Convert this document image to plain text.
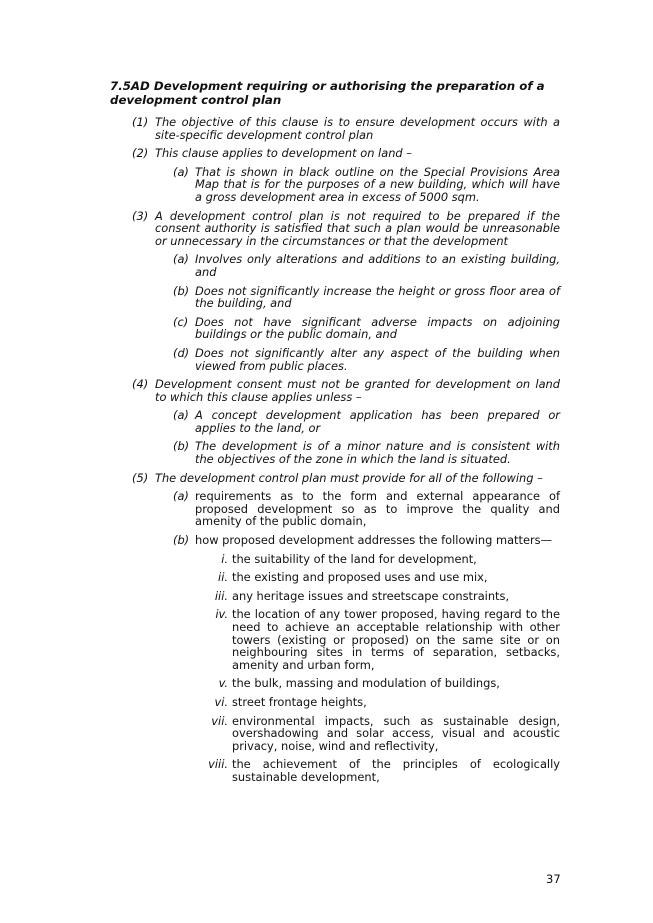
7.5AD Development requiring or authorising the preparation of a development control plan
(1) The objective of this clause is to ensure development occurs with a site-specific development control plan
(2) This clause applies to development on land –
(a) That is shown in black outline on the Special Provisions Area Map that is for the purposes of a new building, which will have a gross development area in excess of 5000 sqm.
(3) A development control plan is not required to be prepared if the consent authority is satisfied that such a plan would be unreasonable or unnecessary in the circumstances or that the development
(a) Involves only alterations and additions to an existing building, and
(b) Does not significantly increase the height or gross floor area of the building, and
(c) Does not have significant adverse impacts on adjoining buildings or the public domain, and
(d) Does not significantly alter any aspect of the building when viewed from public places.
(4) Development consent must not be granted for development on land to which this clause applies unless –
(a) A concept development application has been prepared or applies to the land, or
(b) The development is of a minor nature and is consistent with the objectives of the zone in which the land is situated.
(5) The development control plan must provide for all of the following –
(a) requirements as to the form and external appearance of proposed development so as to improve the quality and amenity of the public domain,
(b) how proposed development addresses the following matters—
i. the suitability of the land for development,
ii. the existing and proposed uses and use mix,
iii. any heritage issues and streetscape constraints,
iv. the location of any tower proposed, having regard to the need to achieve an acceptable relationship with other towers (existing or proposed) on the same site or on neighbouring sites in terms of separation, setbacks, amenity and urban form,
v. the bulk, massing and modulation of buildings,
vi. street frontage heights,
vii. environmental impacts, such as sustainable design, overshadowing and solar access, visual and acoustic privacy, noise, wind and reflectivity,
viii. the achievement of the principles of ecologically sustainable development,
37
